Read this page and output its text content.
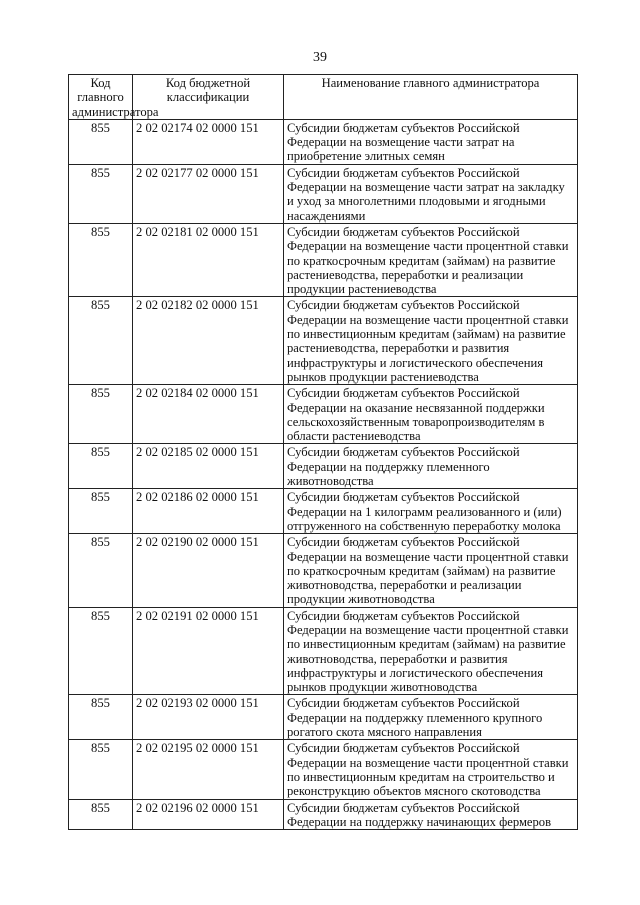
39
Код главного администратора	Код бюджетной классификации	Наименование главного администратора
855	2 02 02174 02 0000 151	Субсидии бюджетам субъектов Российской Федерации на возмещение части затрат на приобретение элитных семян
855	2 02 02177 02 0000 151	Субсидии бюджетам субъектов Российской Федерации на возмещение части затрат на закладку и уход за многолетними плодовыми и ягодными насаждениями
855	2 02 02181 02 0000 151	Субсидии бюджетам субъектов Российской Федерации на возмещение части процентной ставки по краткосрочным кредитам (займам) на развитие растениеводства, переработки и реализации продукции растениеводства
855	2 02 02182 02 0000 151	Субсидии бюджетам субъектов Российской Федерации на возмещение части процентной ставки по инвестиционным кредитам (займам) на развитие растениеводства, переработки и развития инфраструктуры и логистического обеспечения рынков продукции растениеводства
855	2 02 02184 02 0000 151	Субсидии бюджетам субъектов Российской Федерации на оказание несвязанной поддержки сельскохозяйственным товаропроизводителям в области растениеводства
855	2 02 02185 02 0000 151	Субсидии бюджетам субъектов Российской Федерации на поддержку племенного животноводства
855	2 02 02186 02 0000 151	Субсидии бюджетам субъектов Российской Федерации на 1 килограмм реализованного и (или) отгруженного на собственную переработку молока
855	2 02 02190 02 0000 151	Субсидии бюджетам субъектов Российской Федерации на возмещение части процентной ставки по краткосрочным кредитам (займам) на развитие животноводства, переработки и реализации продукции животноводства
855	2 02 02191 02 0000 151	Субсидии бюджетам субъектов Российской Федерации на возмещение части процентной ставки по инвестиционным кредитам (займам) на развитие животноводства, переработки и развития инфраструктуры и логистического обеспечения рынков продукции животноводства
855	2 02 02193 02 0000 151	Субсидии бюджетам субъектов Российской Федерации на поддержку племенного крупного рогатого скота мясного направления
855	2 02 02195 02 0000 151	Субсидии бюджетам субъектов Российской Федерации на возмещение части процентной ставки по инвестиционным кредитам на строительство и реконструкцию объектов мясного скотоводства
855	2 02 02196 02 0000 151	Субсидии бюджетам субъектов Российской Федерации на поддержку начинающих фермеров
